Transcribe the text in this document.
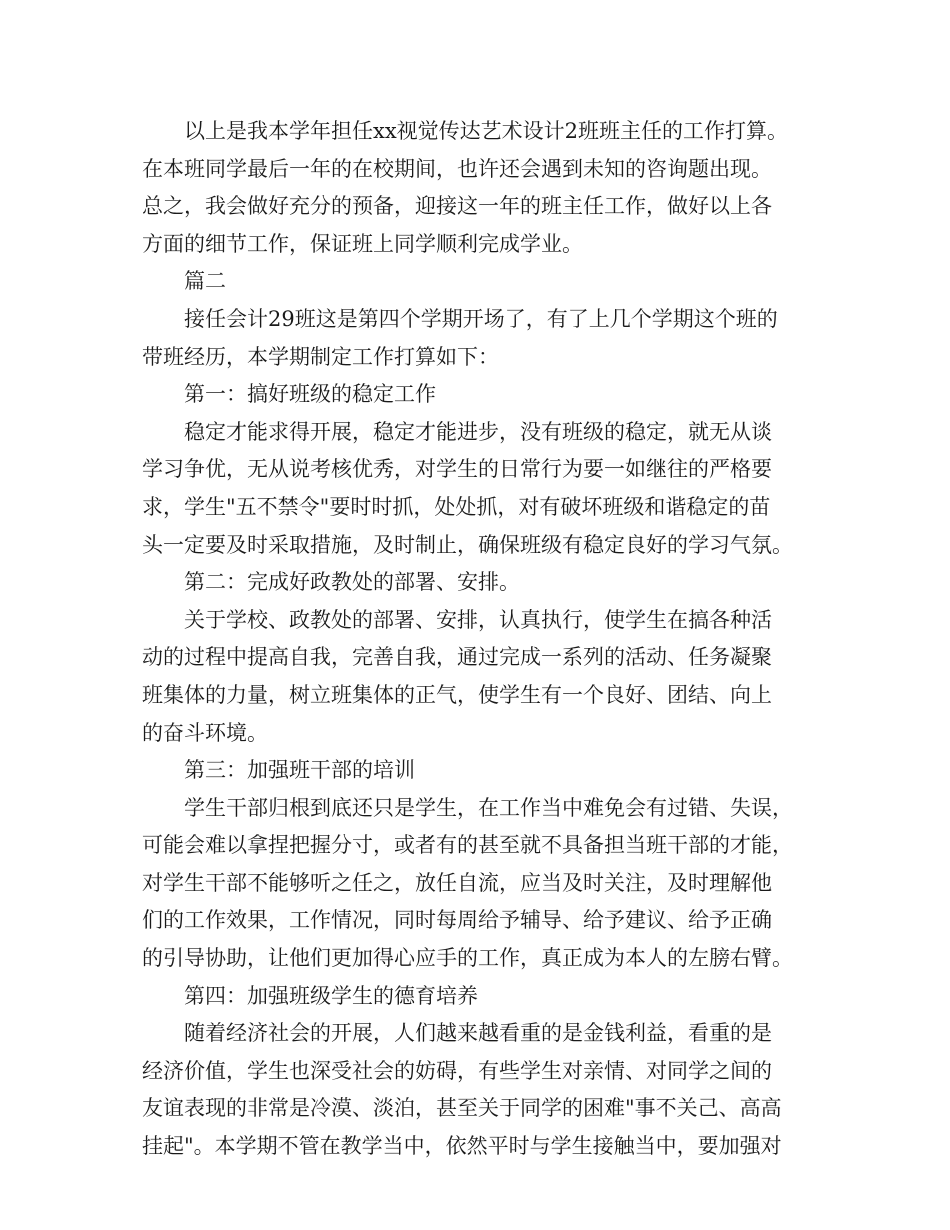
以上是我本学年担任xx视觉传达艺术设计2班班主任的工作打算。
在本班同学最后一年的在校期间，也许还会遇到未知的咨询题出现。
总之，我会做好充分的预备，迎接这一年的班主任工作，做好以上各
方面的细节工作，保证班上同学顺利完成学业。
篇二
接任会计29班这是第四个学期开场了，有了上几个学期这个班的
带班经历，本学期制定工作打算如下：
第一：搞好班级的稳定工作
稳定才能求得开展，稳定才能进步，没有班级的稳定，就无从谈
学习争优，无从说考核优秀，对学生的日常行为要一如继往的严格要
求，学生"五不禁令"要时时抓，处处抓，对有破坏班级和谐稳定的苗
头一定要及时采取措施，及时制止，确保班级有稳定良好的学习气氛。
第二：完成好政教处的部署、安排。
关于学校、政教处的部署、安排，认真执行，使学生在搞各种活
动的过程中提高自我，完善自我，通过完成一系列的活动、任务凝聚
班集体的力量，树立班集体的正气，使学生有一个良好、团结、向上
的奋斗环境。
第三：加强班干部的培训
学生干部归根到底还只是学生，在工作当中难免会有过错、失误，
可能会难以拿捏把握分寸，或者有的甚至就不具备担当班干部的才能，
对学生干部不能够听之任之，放任自流，应当及时关注，及时理解他
们的工作效果，工作情况，同时每周给予辅导、给予建议、给予正确
的引导协助，让他们更加得心应手的工作，真正成为本人的左膀右臂。
第四：加强班级学生的德育培养
随着经济社会的开展，人们越来越看重的是金钱利益，看重的是
经济价值，学生也深受社会的妨碍，有些学生对亲情、对同学之间的
友谊表现的非常是冷漠、淡泊，甚至关于同学的困难"事不关己、高高
挂起"。本学期不管在教学当中，依然平时与学生接触当中，要加强对
